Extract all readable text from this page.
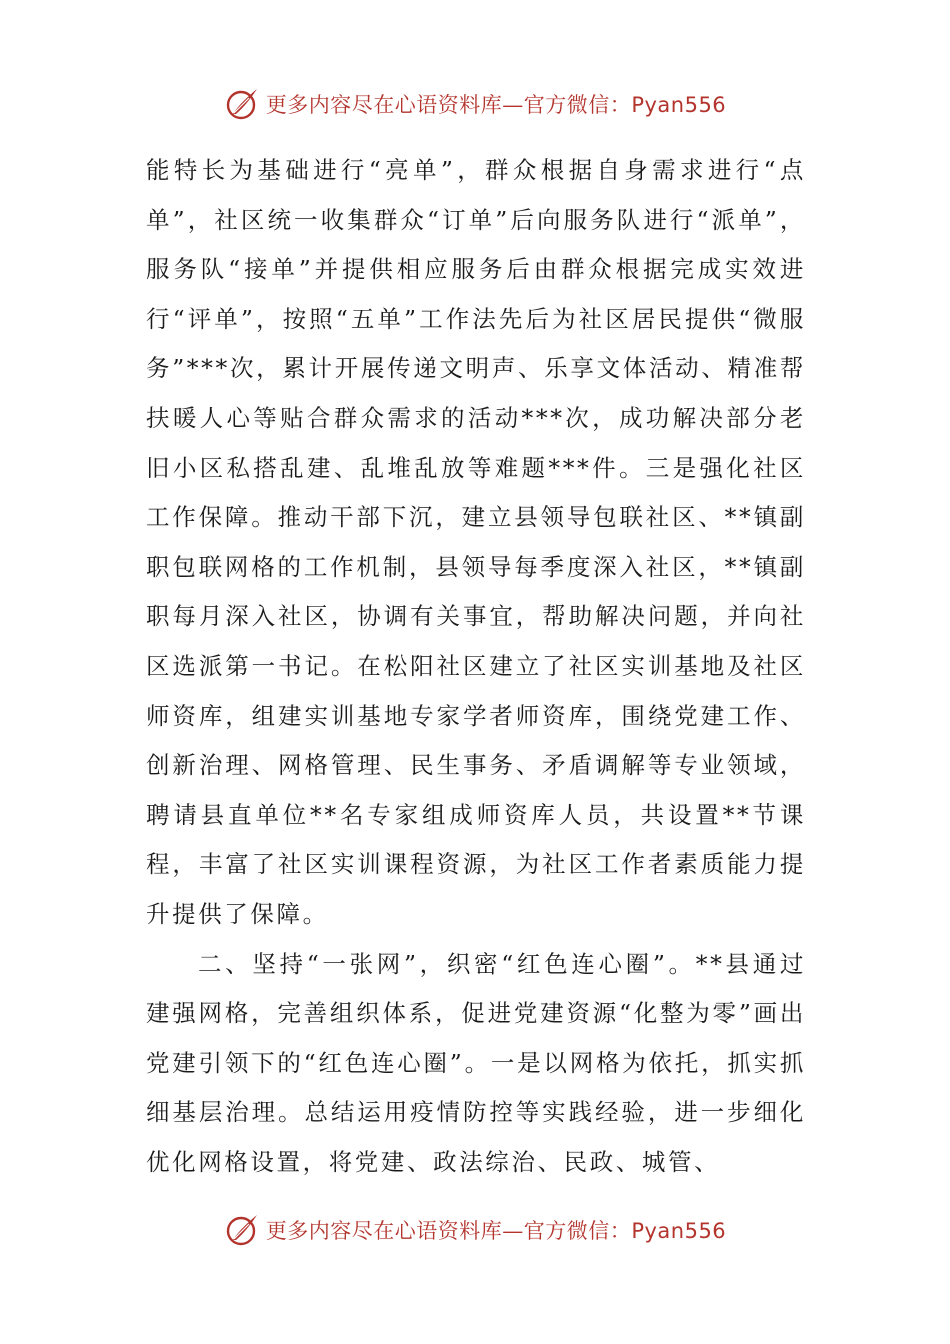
更多内容尽在心语资料库—官方微信：Pyan556

能特长为基础进行“亮单”，群众根据自身需求进行“点单”，社区统一收集群众“订单”后向服务队进行“派单”，服务队“接单”并提供相应服务后由群众根据完成实效进行“评单”，按照“五单”工作法先后为社区居民提供“微服务”***次，累计开展传递文明声、乐享文体活动、精准帮扶暖人心等贴合群众需求的活动***次，成功解决部分老旧小区私搭乱建、乱堆乱放等难题***件。三是强化社区工作保障。推动干部下沉，建立县领导包联社区、**镇副职包联网格的工作机制，县领导每季度深入社区，**镇副职每月深入社区，协调有关事宜，帮助解决问题，并向社区选派第一书记。在松阳社区建立了社区实训基地及社区师资库，组建实训基地专家学者师资库，围绕党建工作、创新治理、网格管理、民生事务、矛盾调解等专业领域，聘请县直单位**名专家组成师资库人员，共设置**节课程，丰富了社区实训课程资源，为社区工作者素质能力提升提供了保障。

二、坚持“一张网”，织密“红色连心圈”。**县通过建强网格，完善组织体系，促进党建资源“化整为零”画出党建引领下的“红色连心圈”。一是以网格为依托，抓实抓细基层治理。总结运用疫情防控等实践经验，进一步细化优化网格设置，将党建、政法综治、民政、城管、

更多内容尽在心语资料库—官方微信：Pyan556
